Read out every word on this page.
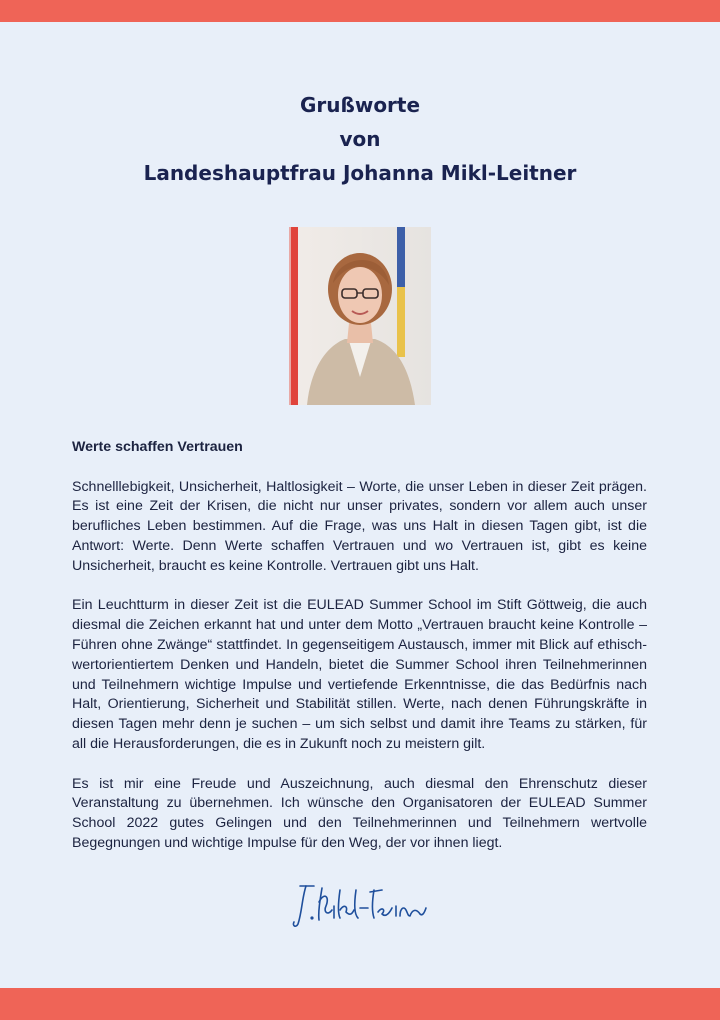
Grußworte
von
Landeshauptfrau Johanna Mikl-Leitner
Werte schaffen Vertrauen
Schnelllebigkeit, Unsicherheit, Haltlosigkeit – Worte, die unser Leben in dieser Zeit prägen. Es ist eine Zeit der Krisen, die nicht nur unser privates, sondern vor allem auch unser berufliches Leben bestimmen. Auf die Frage, was uns Halt in diesen Tagen gibt, ist die Antwort: Werte. Denn Werte schaffen Vertrauen und wo Vertrauen ist, gibt es keine Unsicherheit, braucht es keine Kontrolle. Vertrauen gibt uns Halt.
Ein Leuchtturm in dieser Zeit ist die EULEAD Summer School im Stift Göttweig, die auch diesmal die Zeichen erkannt hat und unter dem Motto „Vertrauen braucht keine Kontrolle – Führen ohne Zwänge“ stattfindet. In gegenseitigem Austausch, immer mit Blick auf ethisch-wertorientiertem Denken und Handeln, bietet die Summer School ihren Teilnehmerinnen und Teilnehmern wichtige Impulse und vertiefende Erkenntnisse, die das Bedürfnis nach Halt, Orientierung, Sicherheit und Stabilität stillen. Werte, nach denen Führungskräfte in diesen Tagen mehr denn je suchen – um sich selbst und damit ihre Teams zu stärken, für all die Herausforderungen, die es in Zukunft noch zu meistern gilt.
Es ist mir eine Freude und Auszeichnung, auch diesmal den Ehrenschutz dieser Veranstaltung zu übernehmen. Ich wünsche den Organisatoren der EULEAD Summer School 2022 gutes Gelingen und den Teilnehmerinnen und Teilnehmern wertvolle Begegnungen und wichtige Impulse für den Weg, der vor ihnen liegt.
